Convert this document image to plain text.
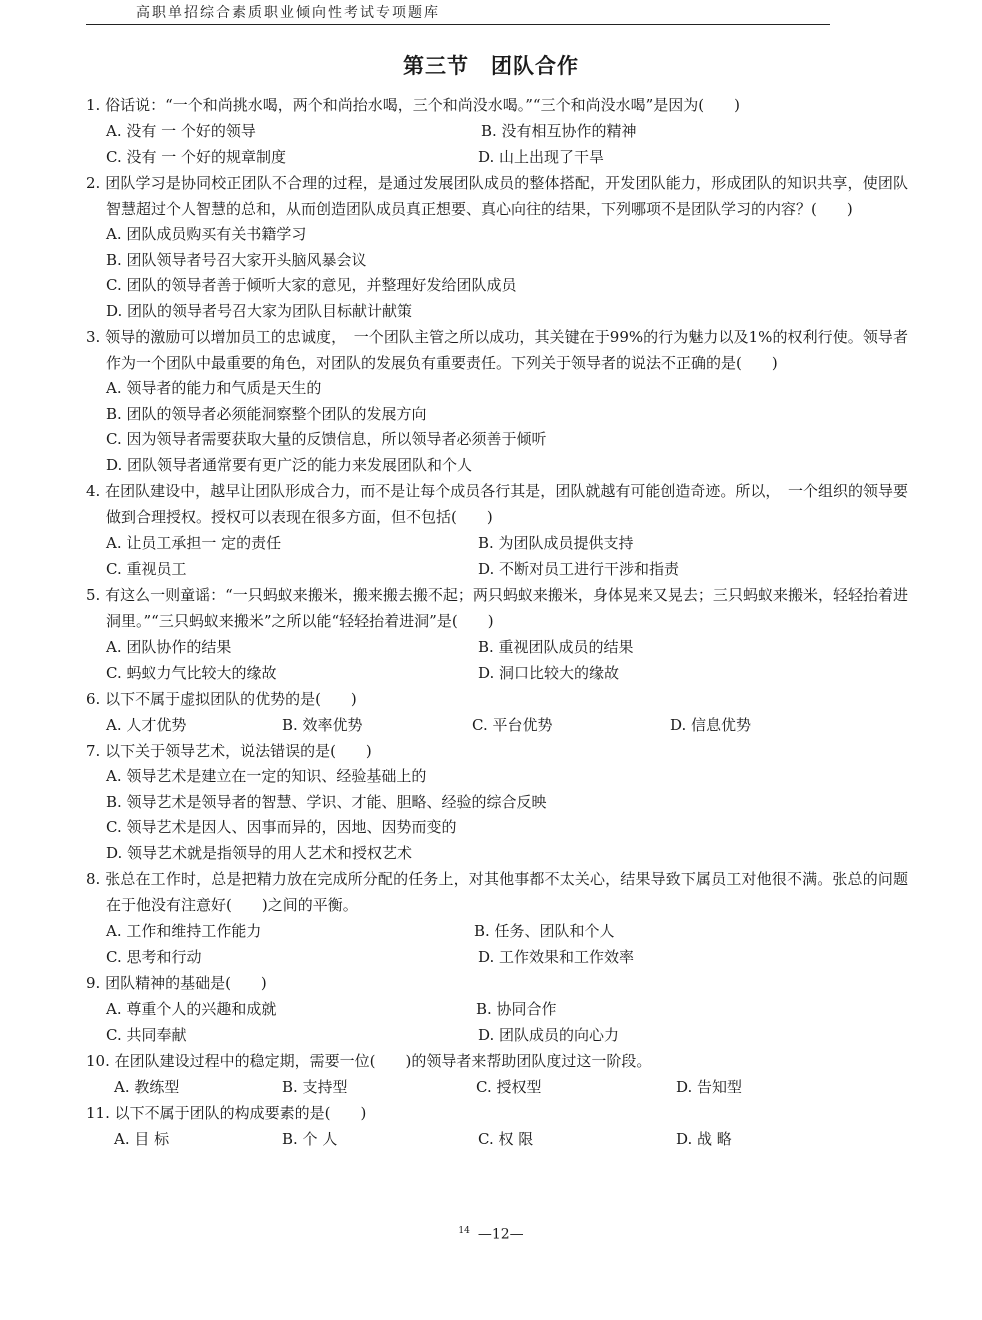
高职单招综合素质职业倾向性考试专项题库
第三节　团队合作
1. 俗话说：“一个和尚挑水喝，两个和尚抬水喝，三个和尚没水喝。”“三个和尚没水喝”是因为(　　)
A. 没有 一 个好的领导	B. 没有相互协作的精神
C. 没有 一 个好的规章制度	D. 山上出现了干旱
2. 团队学习是协同校正团队不合理的过程，是通过发展团队成员的整体搭配，开发团队能力，形成团队的知识共享，使团队智慧超过个人智慧的总和，从而创造团队成员真正想要、真心向往的结果，下列哪项不是团队学习的内容？(　　)
A. 团队成员购买有关书籍学习
B. 团队领导者号召大家开头脑风暴会议
C. 团队的领导者善于倾听大家的意见，并整理好发给团队成员
D. 团队的领导者号召大家为团队目标献计献策
3. 领导的激励可以增加员工的忠诚度，　一个团队主管之所以成功，其关键在于99%的行为魅力以及1%的权利行使。领导者作为一个团队中最重要的角色，对团队的发展负有重要责任。下列关于领导者的说法不正确的是(　　)
A. 领导者的能力和气质是天生的
B. 团队的领导者必须能洞察整个团队的发展方向
C. 因为领导者需要获取大量的反馈信息，所以领导者必须善于倾听
D. 团队领导者通常要有更广泛的能力来发展团队和个人
4. 在团队建设中，越早让团队形成合力，而不是让每个成员各行其是，团队就越有可能创造奇迹。所以，　一个组织的领导要做到合理授权。授权可以表现在很多方面，但不包括(　　)
A. 让员工承担一 定的责任	B. 为团队成员提供支持
C. 重视员工	D. 不断对员工进行干涉和指责
5. 有这么一则童谣：“一只蚂蚁来搬米，搬来搬去搬不起；两只蚂蚁来搬米，身体晃来又晃去；三只蚂蚁来搬米，轻轻抬着进洞里。”“三只蚂蚁来搬米”之所以能“轻轻抬着进洞”是(　　)
A. 团队协作的结果	B. 重视团队成员的结果
C. 蚂蚁力气比较大的缘故	D. 洞口比较大的缘故
6. 以下不属于虚拟团队的优势的是(　　)
A. 人才优势	B. 效率优势	C. 平台优势	D. 信息优势
7. 以下关于领导艺术，说法错误的是(　　)
A. 领导艺术是建立在一定的知识、经验基础上的
B. 领导艺术是领导者的智慧、学识、才能、胆略、经验的综合反映
C. 领导艺术是因人、因事而异的，因地、因势而变的
D. 领导艺术就是指领导的用人艺术和授权艺术
8. 张总在工作时，总是把精力放在完成所分配的任务上，对其他事都不太关心，结果导致下属员工对他很不满。张总的问题在于他没有注意好(　　)之间的平衡。
A. 工作和维持工作能力	B. 任务、团队和个人
C. 思考和行动	D. 工作效果和工作效率
9. 团队精神的基础是(　　)
A. 尊重个人的兴趣和成就	B. 协同合作
C. 共同奉献	D. 团队成员的向心力
10. 在团队建设过程中的稳定期，需要一位(　　)的领导者来帮助团队度过这一阶段。
A. 教练型	B. 支持型	C. 授权型	D. 告知型
11. 以下不属于团队的构成要素的是(　　)
A. 目 标	B. 个 人	C. 权 限	D. 战 略
$^{14}$ —12—
